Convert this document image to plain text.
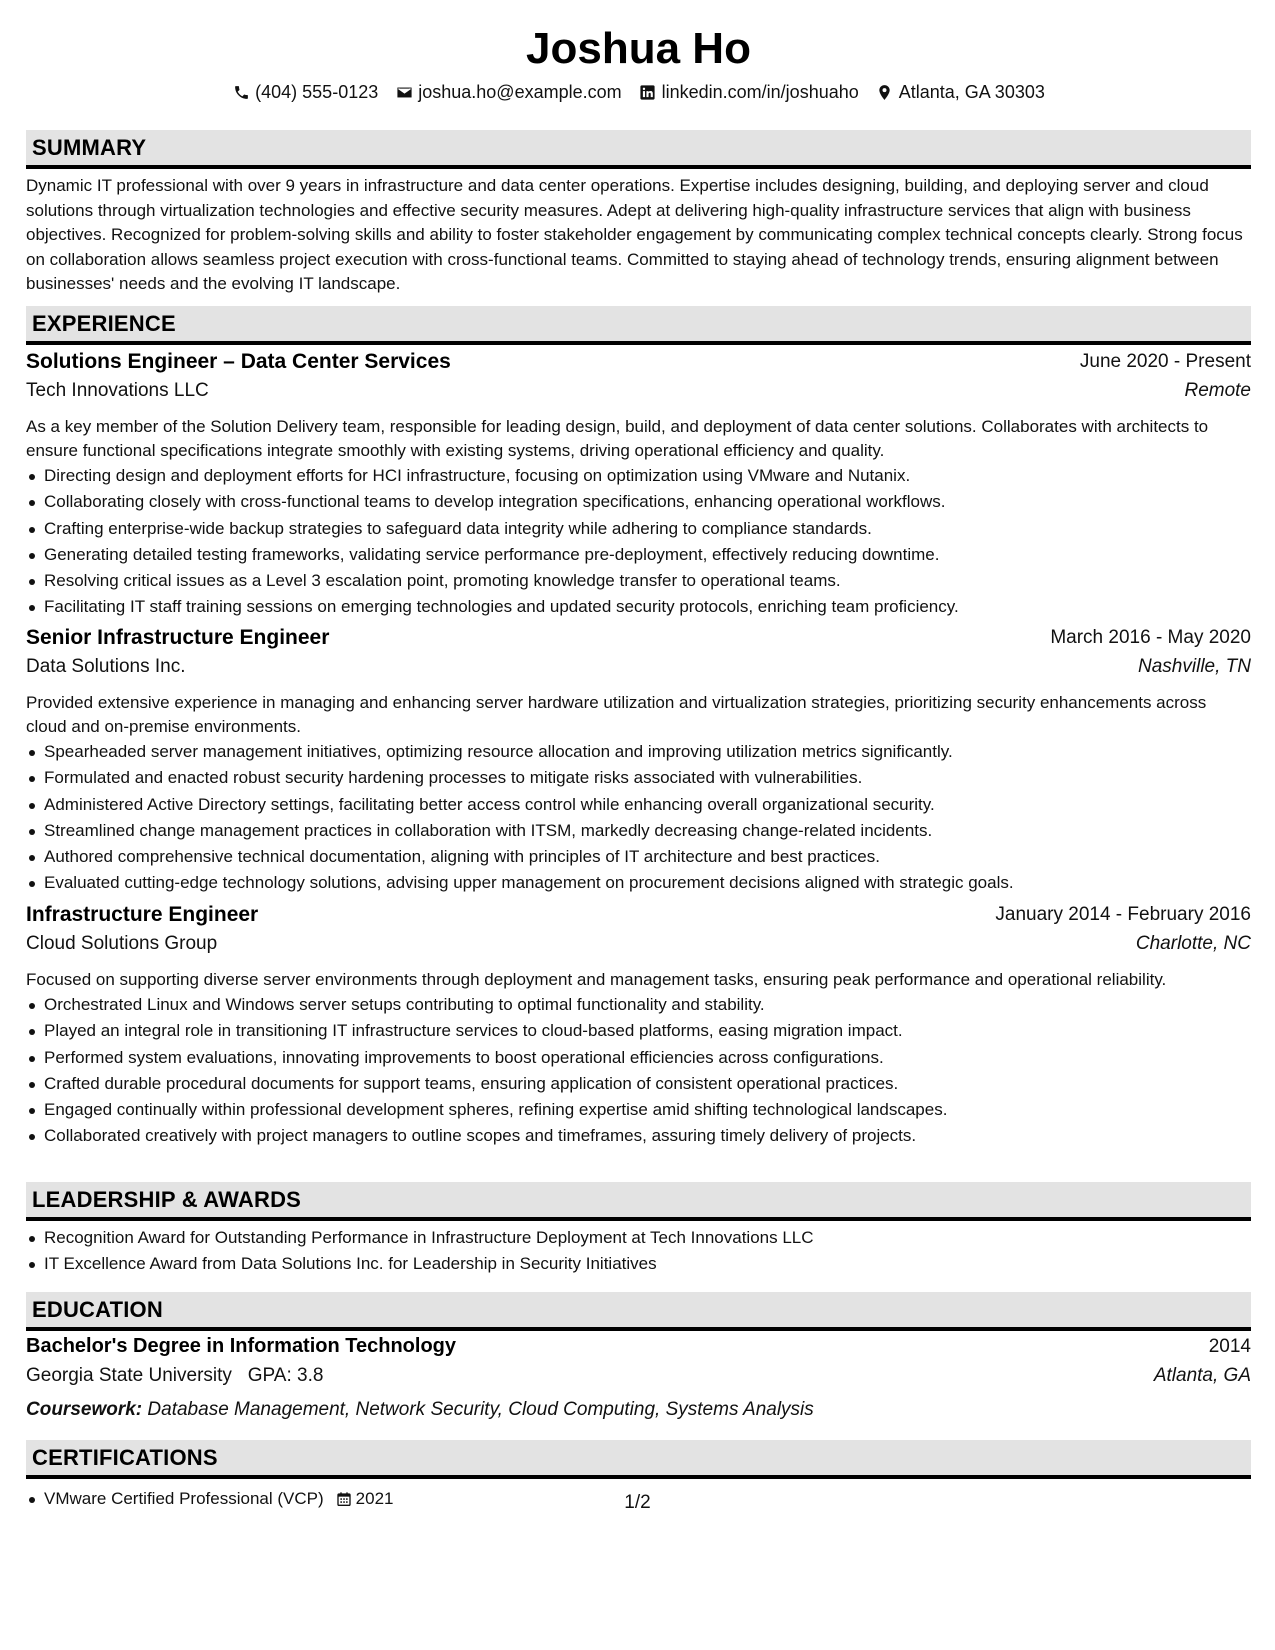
Joshua Ho
(404) 555-0123 joshua.ho@example.com linkedin.com/in/joshuaho Atlanta, GA 30303
SUMMARY

Dynamic IT professional with over 9 years in infrastructure and data center operations. Expertise includes designing, building, and deploying server and cloud solutions through virtualization technologies and effective security measures. Adept at delivering high-quality infrastructure services that align with business objectives. Recognized for problem-solving skills and ability to foster stakeholder engagement by communicating complex technical concepts clearly. Strong focus on collaboration allows seamless project execution with cross-functional teams. Committed to staying ahead of technology trends, ensuring alignment between businesses' needs and the evolving IT landscape.

EXPERIENCE
Solutions Engineer – Data Center Services	June 2020 - Present
Tech Innovations LLC	Remote

As a key member of the Solution Delivery team, responsible for leading design, build, and deployment of data center solutions. Collaborates with architects to ensure functional specifications integrate smoothly with existing systems, driving operational efficiency and quality.

Directing design and deployment efforts for HCI infrastructure, focusing on optimization using VMware and Nutanix.
Collaborating closely with cross-functional teams to develop integration specifications, enhancing operational workflows.
Crafting enterprise-wide backup strategies to safeguard data integrity while adhering to compliance standards.
Generating detailed testing frameworks, validating service performance pre-deployment, effectively reducing downtime.
Resolving critical issues as a Level 3 escalation point, promoting knowledge transfer to operational teams.
Facilitating IT staff training sessions on emerging technologies and updated security protocols, enriching team proficiency.
Senior Infrastructure Engineer	March 2016 - May 2020
Data Solutions Inc.	Nashville, TN

Provided extensive experience in managing and enhancing server hardware utilization and virtualization strategies, prioritizing security enhancements across cloud and on-premise environments.

Spearheaded server management initiatives, optimizing resource allocation and improving utilization metrics significantly.
Formulated and enacted robust security hardening processes to mitigate risks associated with vulnerabilities.
Administered Active Directory settings, facilitating better access control while enhancing overall organizational security.
Streamlined change management practices in collaboration with ITSM, markedly decreasing change-related incidents.
Authored comprehensive technical documentation, aligning with principles of IT architecture and best practices.
Evaluated cutting-edge technology solutions, advising upper management on procurement decisions aligned with strategic goals.
Infrastructure Engineer	January 2014 - February 2016
Cloud Solutions Group	Charlotte, NC

Focused on supporting diverse server environments through deployment and management tasks, ensuring peak performance and operational reliability.

Orchestrated Linux and Windows server setups contributing to optimal functionality and stability.
Played an integral role in transitioning IT infrastructure services to cloud-based platforms, easing migration impact.
Performed system evaluations, innovating improvements to boost operational efficiencies across configurations.
Crafted durable procedural documents for support teams, ensuring application of consistent operational practices.
Engaged continually within professional development spheres, refining expertise amid shifting technological landscapes.
Collaborated creatively with project managers to outline scopes and timeframes, assuring timely delivery of projects.
LEADERSHIP & AWARDS
Recognition Award for Outstanding Performance in Infrastructure Deployment at Tech Innovations LLC
IT Excellence Award from Data Solutions Inc. for Leadership in Security Initiatives
EDUCATION
Bachelor's Degree in Information Technology	2014
Georgia State University GPA: 3.8	Atlanta, GA
Coursework: Database Management, Network Security, Cloud Computing, Systems Analysis
CERTIFICATIONS
VMware Certified Professional (VCP) 2021	1/2
